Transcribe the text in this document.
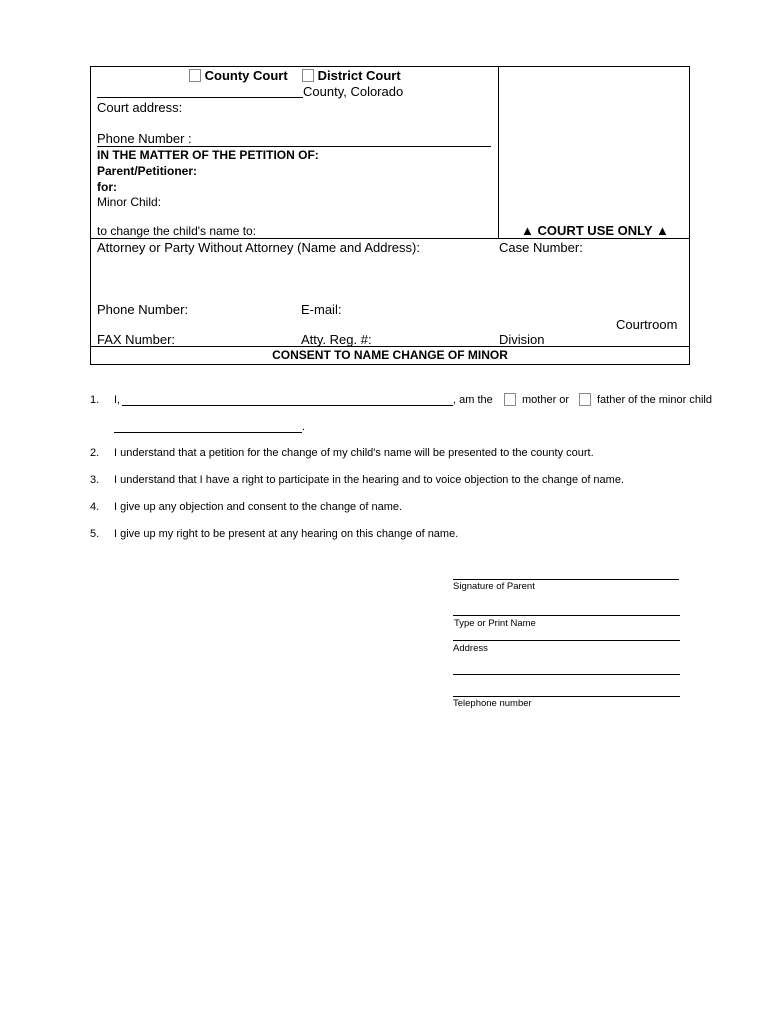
County Court	District Court
County, Colorado
Court address:
Phone Number :
IN THE MATTER OF THE PETITION OF:
Parent/Petitioner:
for:
Minor Child:
to change the child's name to:	▲ COURT USE ONLY ▲
Attorney or Party Without Attorney (Name and Address):	Case Number:
Phone Number:	E-mail:
Courtroom
FAX Number:	Atty. Reg. #:	Division
CONSENT TO NAME CHANGE OF MINOR
1. I,	, am the	mother or	father of the minor child
.
2. I understand that a petition for the change of my child's name will be presented to the county court.
3. I understand that I have a right to participate in the hearing and to voice objection to the change of name.
4. I give up any objection and consent to the change of name.
5. I give up my right to be present at any hearing on this change of name.
Signature of Parent
Type or Print Name
Address
Telephone number
